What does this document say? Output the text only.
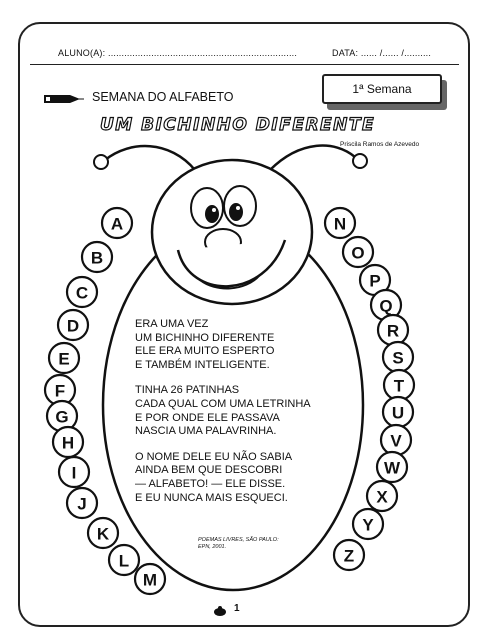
ALUNO(A): ......................................................................	DATA: ...... /...... /..........
1ª Semana
SEMANA DO ALFABETO
UM BICHINHO DIFERENTE
Priscila Ramos de Azevedo
A
B
C
D
E
F
G
H
I
J
K
L
M
N
O
P
Q
R
S
T
U
V
W
X
Y
Z
ERA UMA VEZ
UM BICHINHO DIFERENTE
ELE ERA MUITO ESPERTO
E TAMBÉM INTELIGENTE.
TINHA 26 PATINHAS
CADA QUAL COM UMA LETRINHA
E POR ONDE ELE PASSAVA
NASCIA UMA PALAVRINHA.
O NOME DELE EU NÃO SABIA
AINDA BEM QUE DESCOBRI
— ALFABETO! — ELE DISSE.
E EU NUNCA MAIS ESQUECI.
POEMAS LIVRES, SÃO PAULO:
EPN, 2001.
1
